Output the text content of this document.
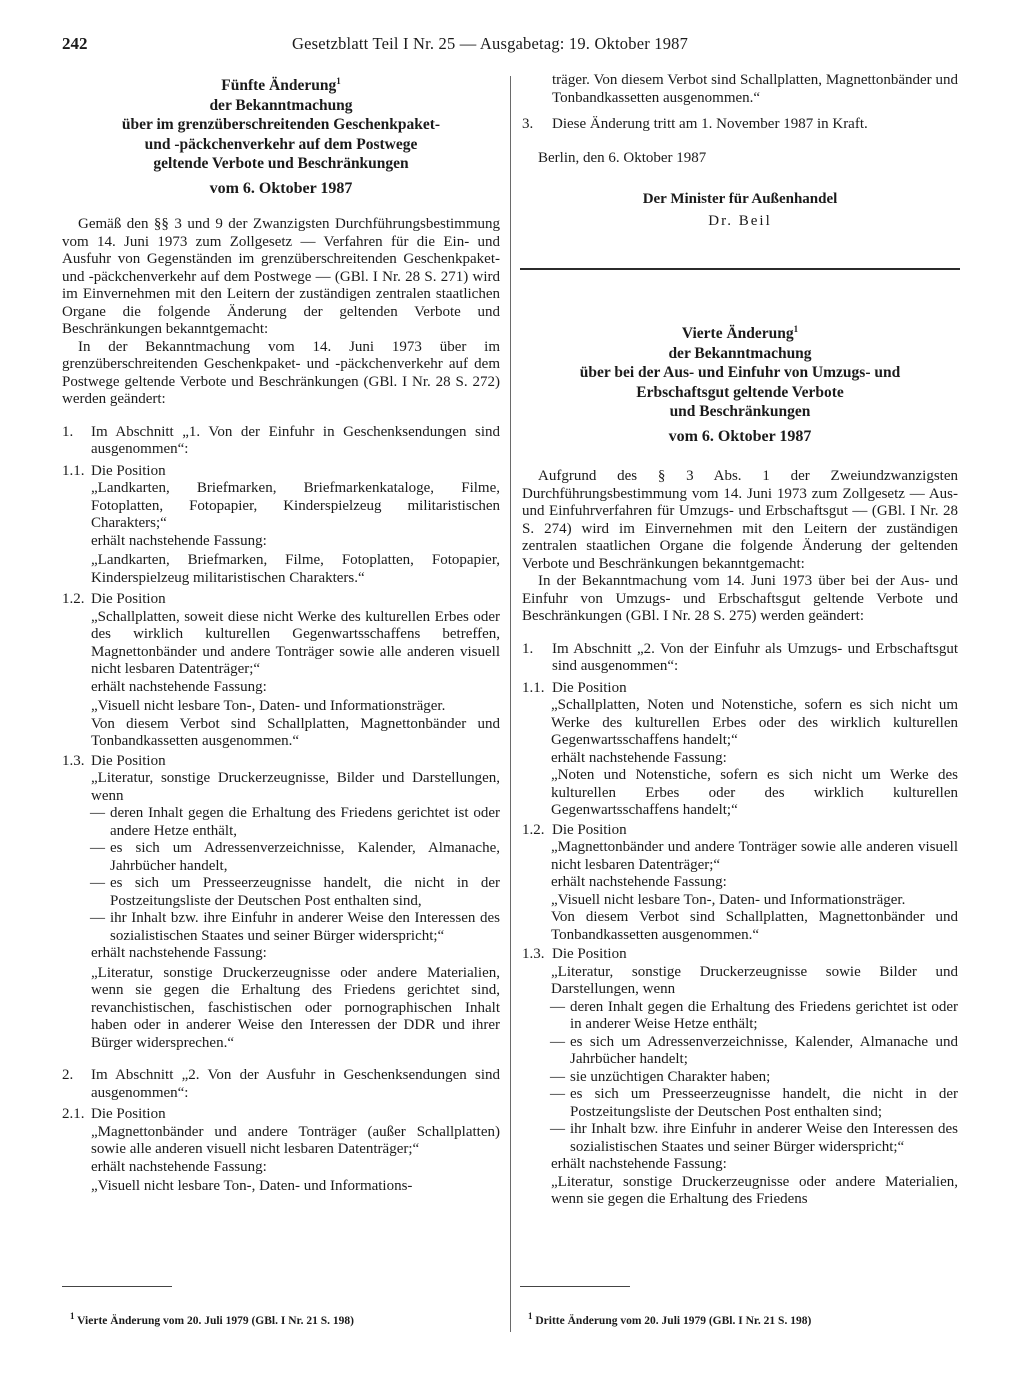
242	Gesetzblatt Teil I Nr. 25 — Ausgabetag: 19. Oktober 1987

Fünfte Änderung$^1$

der Bekanntmachung

über im grenzüberschreitenden Geschenkpaket-

und -päckchenverkehr auf dem Postwege

geltende Verbote und Beschränkungen

vom 6. Oktober 1987

Gemäß den §§ 3 und 9 der Zwanzigsten Durchführungsbestimmung vom 14. Juni 1973 zum Zollgesetz — Verfahren für die Ein- und Ausfuhr von Gegenständen im grenzüberschreitenden Geschenkpaket- und -päckchenverkehr auf dem Postwege — (GBl. I Nr. 28 S. 271) wird im Einvernehmen mit den Leitern der zuständigen zentralen staatlichen Organe die folgende Änderung der geltenden Verbote und Beschränkungen bekanntgemacht:

In der Bekanntmachung vom 14. Juni 1973 über im grenzüberschreitenden Geschenkpaket- und -päckchenverkehr auf dem Postwege geltende Verbote und Beschränkungen (GBl. I Nr. 28 S. 272) werden geändert:

1.	Im Abschnitt „1. Von der Einfuhr in Geschenksendungen sind ausgenommen“:
1.1. Die Position

„Landkarten, Briefmarken, Briefmarkenkataloge, Filme, Fotoplatten, Fotopapier, Kinderspielzeug militaristischen Charakters;“

erhält nachstehende Fassung:

„Landkarten, Briefmarken, Filme, Fotoplatten, Fotopapier, Kinderspielzeug militaristischen Charakters.“

1.2. Die Position

„Schallplatten, soweit diese nicht Werke des kulturellen Erbes oder des wirklich kulturellen Gegenwartsschaffens betreffen, Magnettonbänder und andere Tonträger sowie alle anderen visuell nicht lesbaren Datenträger;“

erhält nachstehende Fassung:

„Visuell nicht lesbare Ton-, Daten- und Informationsträger.

Von diesem Verbot sind Schallplatten, Magnettonbänder und Tonbandkassetten ausgenommen.“

1.3. Die Position

„Literatur, sonstige Druckerzeugnisse, Bilder und Darstellungen, wenn

— deren Inhalt gegen die Erhaltung des Friedens gerichtet ist oder andere Hetze enthält,
— es sich um Adressenverzeichnisse, Kalender, Almanache, Jahrbücher handelt,
— es sich um Presseerzeugnisse handelt, die nicht in der Postzeitungsliste der Deutschen Post enthalten sind,
— ihr Inhalt bzw. ihre Einfuhr in anderer Weise den Interessen des sozialistischen Staates und seiner Bürger widerspricht;“

erhält nachstehende Fassung:

„Literatur, sonstige Druckerzeugnisse oder andere Materialien, wenn sie gegen die Erhaltung des Friedens gerichtet sind, revanchistischen, faschistischen oder pornographischen Inhalt haben oder in anderer Weise den Interessen der DDR und ihrer Bürger widersprechen.“

2.	Im Abschnitt „2. Von der Ausfuhr in Geschenksendungen sind ausgenommen“:
2.1. Die Position

„Magnettonbänder und andere Tonträger (außer Schallplatten) sowie alle anderen visuell nicht lesbaren Datenträger;“

erhält nachstehende Fassung:

„Visuell nicht lesbare Ton-, Daten- und Informations-

träger. Von diesem Verbot sind Schallplatten, Magnettonbänder und Tonbandkassetten ausgenommen.“

3.	Diese Änderung tritt am 1. November 1987 in Kraft.

Berlin, den 6. Oktober 1987

Der Minister für Außenhandel

Dr. Beil

Vierte Änderung$^1$

der Bekanntmachung

über bei der Aus- und Einfuhr von Umzugs- und

Erbschaftsgut geltende Verbote

und Beschränkungen

vom 6. Oktober 1987

Aufgrund des § 3 Abs. 1 der Zweiundzwanzigsten Durchführungsbestimmung vom 14. Juni 1973 zum Zollgesetz — Aus- und Einfuhrverfahren für Umzugs- und Erbschaftsgut — (GBl. I Nr. 28 S. 274) wird im Einvernehmen mit den Leitern der zuständigen zentralen staatlichen Organe die folgende Änderung der geltenden Verbote und Beschränkungen bekanntgemacht:

In der Bekanntmachung vom 14. Juni 1973 über bei der Aus- und Einfuhr von Umzugs- und Erbschaftsgut geltende Verbote und Beschränkungen (GBl. I Nr. 28 S. 275) werden geändert:

1.	Im Abschnitt „2. Von der Einfuhr als Umzugs- und Erbschaftsgut sind ausgenommen“:
1.1. Die Position

„Schallplatten, Noten und Notenstiche, sofern es sich nicht um Werke des kulturellen Erbes oder des wirklich kulturellen Gegenwartsschaffens handelt;“

erhält nachstehende Fassung:

„Noten und Notenstiche, sofern es sich nicht um Werke des kulturellen Erbes oder des wirklich kulturellen Gegenwartsschaffens handelt;“

1.2. Die Position

„Magnettonbänder und andere Tonträger sowie alle anderen visuell nicht lesbaren Datenträger;“

erhält nachstehende Fassung:

„Visuell nicht lesbare Ton-, Daten- und Informationsträger.

Von diesem Verbot sind Schallplatten, Magnettonbänder und Tonbandkassetten ausgenommen.“

1.3. Die Position

„Literatur, sonstige Druckerzeugnisse sowie Bilder und Darstellungen, wenn

— deren Inhalt gegen die Erhaltung des Friedens gerichtet ist oder in anderer Weise Hetze enthält;
— es sich um Adressenverzeichnisse, Kalender, Almanache und Jahrbücher handelt;
— sie unzüchtigen Charakter haben;
— es sich um Presseerzeugnisse handelt, die nicht in der Postzeitungsliste der Deutschen Post enthalten sind;
— ihr Inhalt bzw. ihre Einfuhr in anderer Weise den Interessen des sozialistischen Staates und seiner Bürger widerspricht;“

erhält nachstehende Fassung:

„Literatur, sonstige Druckerzeugnisse oder andere Materialien, wenn sie gegen die Erhaltung des Friedens

$^1$ Vierte Änderung vom 20. Juli 1979 (GBl. I Nr. 21 S. 198)	$^1$ Dritte Änderung vom 20. Juli 1979 (GBl. I Nr. 21 S. 198)
